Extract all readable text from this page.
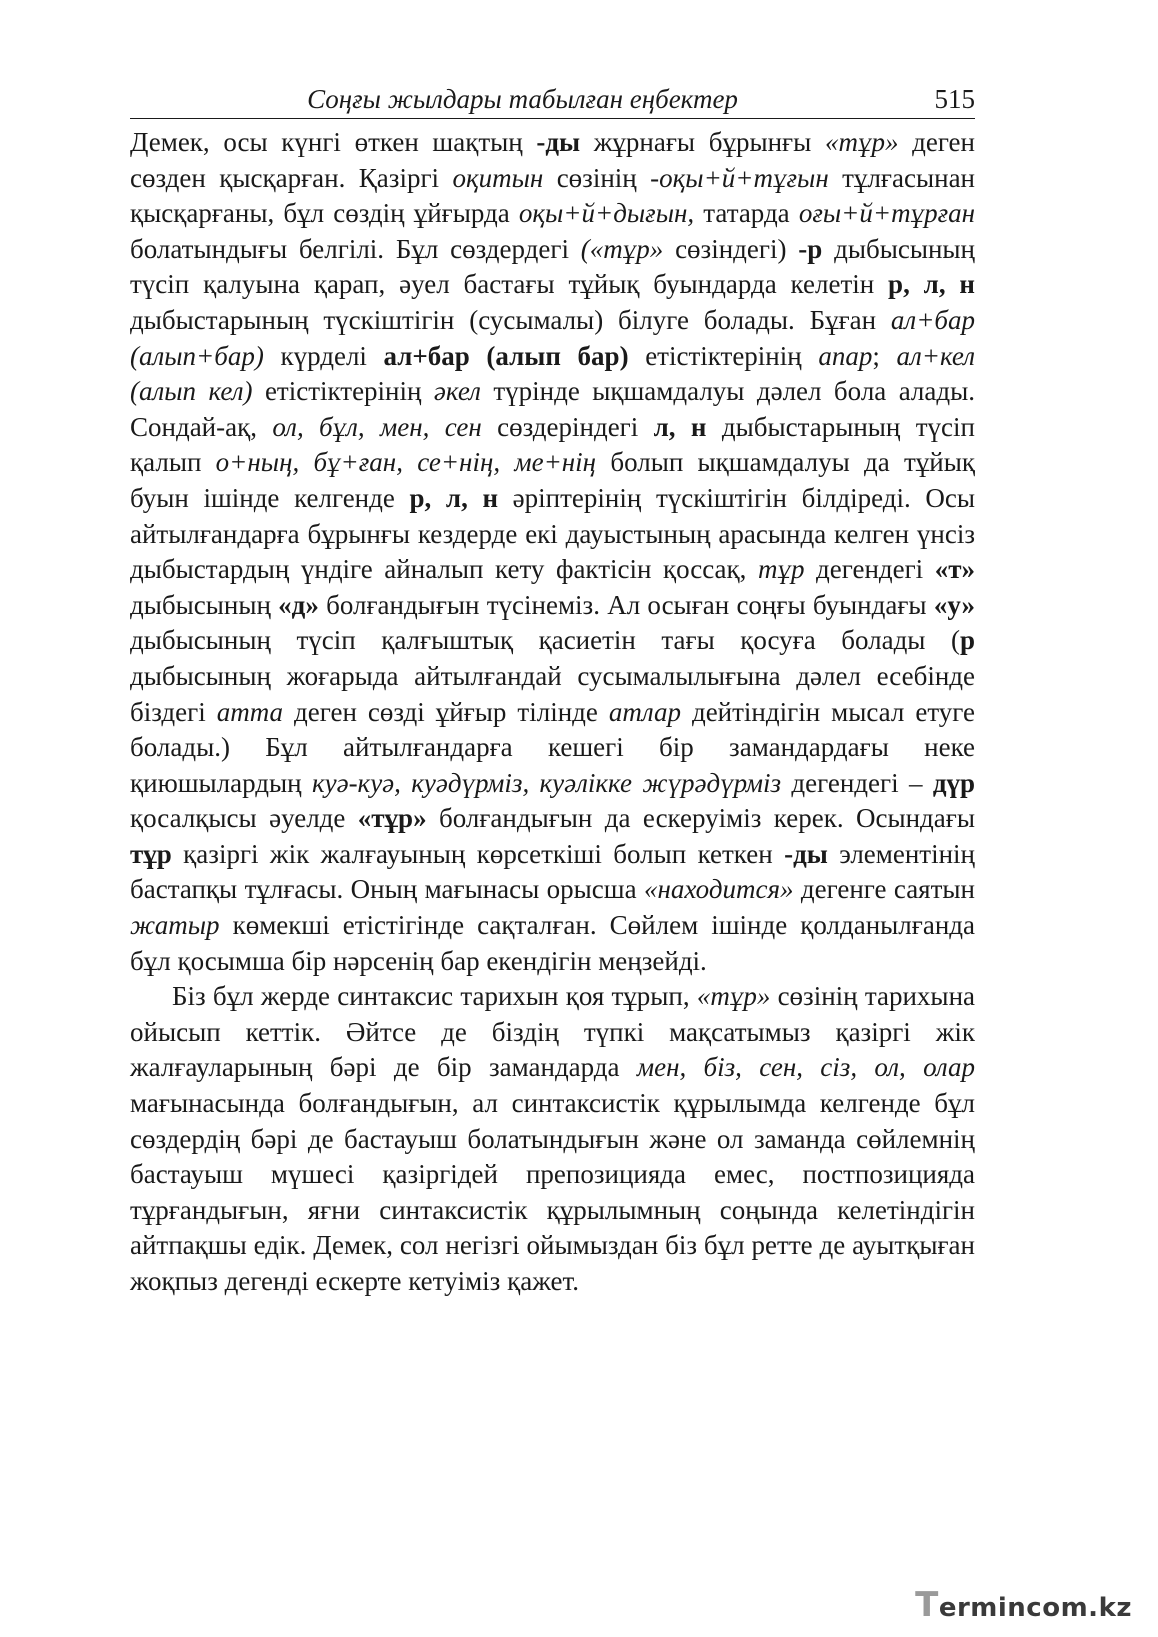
Соңғы жылдары табылған еңбектер	515

Демек, осы күнгі өткен шақтың -ды жұрнағы бұрынғы «тұр» деген сөзден қысқарған. Қазіргі оқитын сөзінің -оқы+й+тұғын тұлғасынан қысқарғаны, бұл сөздің ұйғырда оқы+й+дығын, татарда оғы+й+тұрған болатындығы белгілі. Бұл сөздердегі («тұр» сөзіндегі) -р дыбысының түсіп қалуына қарап, әуел бастағы тұйық буындарда келетін р, л, н дыбыстарының түскіштігін (сусымалы) білуге болады. Бұған ал+бар (алып+бар) күрделі ал+бар (алып бар) етістіктерінің апар; ал+кел (алып кел) етістіктерінің әкел түрінде ықшамдалуы дәлел бола алады. Сондай-ақ, ол, бұл, мен, сен сөздеріндегі л, н дыбыстарының түсіп қалып о+ның, бұ+ған, се+нің, ме+нің болып ықшамдалуы да тұйық буын ішінде келгенде р, л, н әріптерінің түскіштігін білдіреді. Осы айтылғандарға бұрынғы кездерде екі дауыстының арасында келген үнсіз дыбыстардың үндіге айналып кету фактісін қоссақ, тұр дегендегі «т» дыбысының «д» болғандығын түсінеміз. Ал осыған соңғы буындағы «у» дыбысының түсіп қалғыштық қасиетін тағы қосуға болады (р дыбысының жоғарыда айтылғандай сусымалылығына дәлел есебінде біздегі атта деген сөзді ұйғыр тілінде атлар дейтіндігін мысал етуге болады.) Бұл айтылғандарға кешегі бір замандардағы неке қиюшылардың куә-куә, куәдүрміз, куәлікке жүрәдүрміз дегендегі – дүр қосалқысы әуелде «тұр» болғандығын да ескеруіміз керек. Осындағы тұр қазіргі жік жалғауының көрсеткіші болып кеткен -ды элементінің бастапқы тұлғасы. Оның мағынасы орысша «находится» дегенге саятын жатыр көмекші етістігінде сақталған. Сөйлем ішінде қолданылғанда бұл қосымша бір нәрсенің бар екендігін меңзейді.

Біз бұл жерде синтаксис тарихын қоя тұрып, «тұр» сөзінің тарихына ойысып кеттік. Әйтсе де біздің түпкі мақсатымыз қазіргі жік жалғауларының бәрі де бір замандарда мен, біз, сен, сіз, ол, олар мағынасында болғандығын, ал синтаксистік құрылымда келгенде бұл сөздердің бәрі де бастауыш болатындығын және ол заманда сөйлемнің бастауыш мүшесі қазіргідей препозицияда емес, постпозицияда тұрғандығын, яғни синтаксистік құрылымның соңында келетіндігін айтпақшы едік. Демек, сол негізгі ойымыздан біз бұл ретте де ауытқыған жоқпыз дегенді ескерте кетуіміз қажет.

Termincom.kz
